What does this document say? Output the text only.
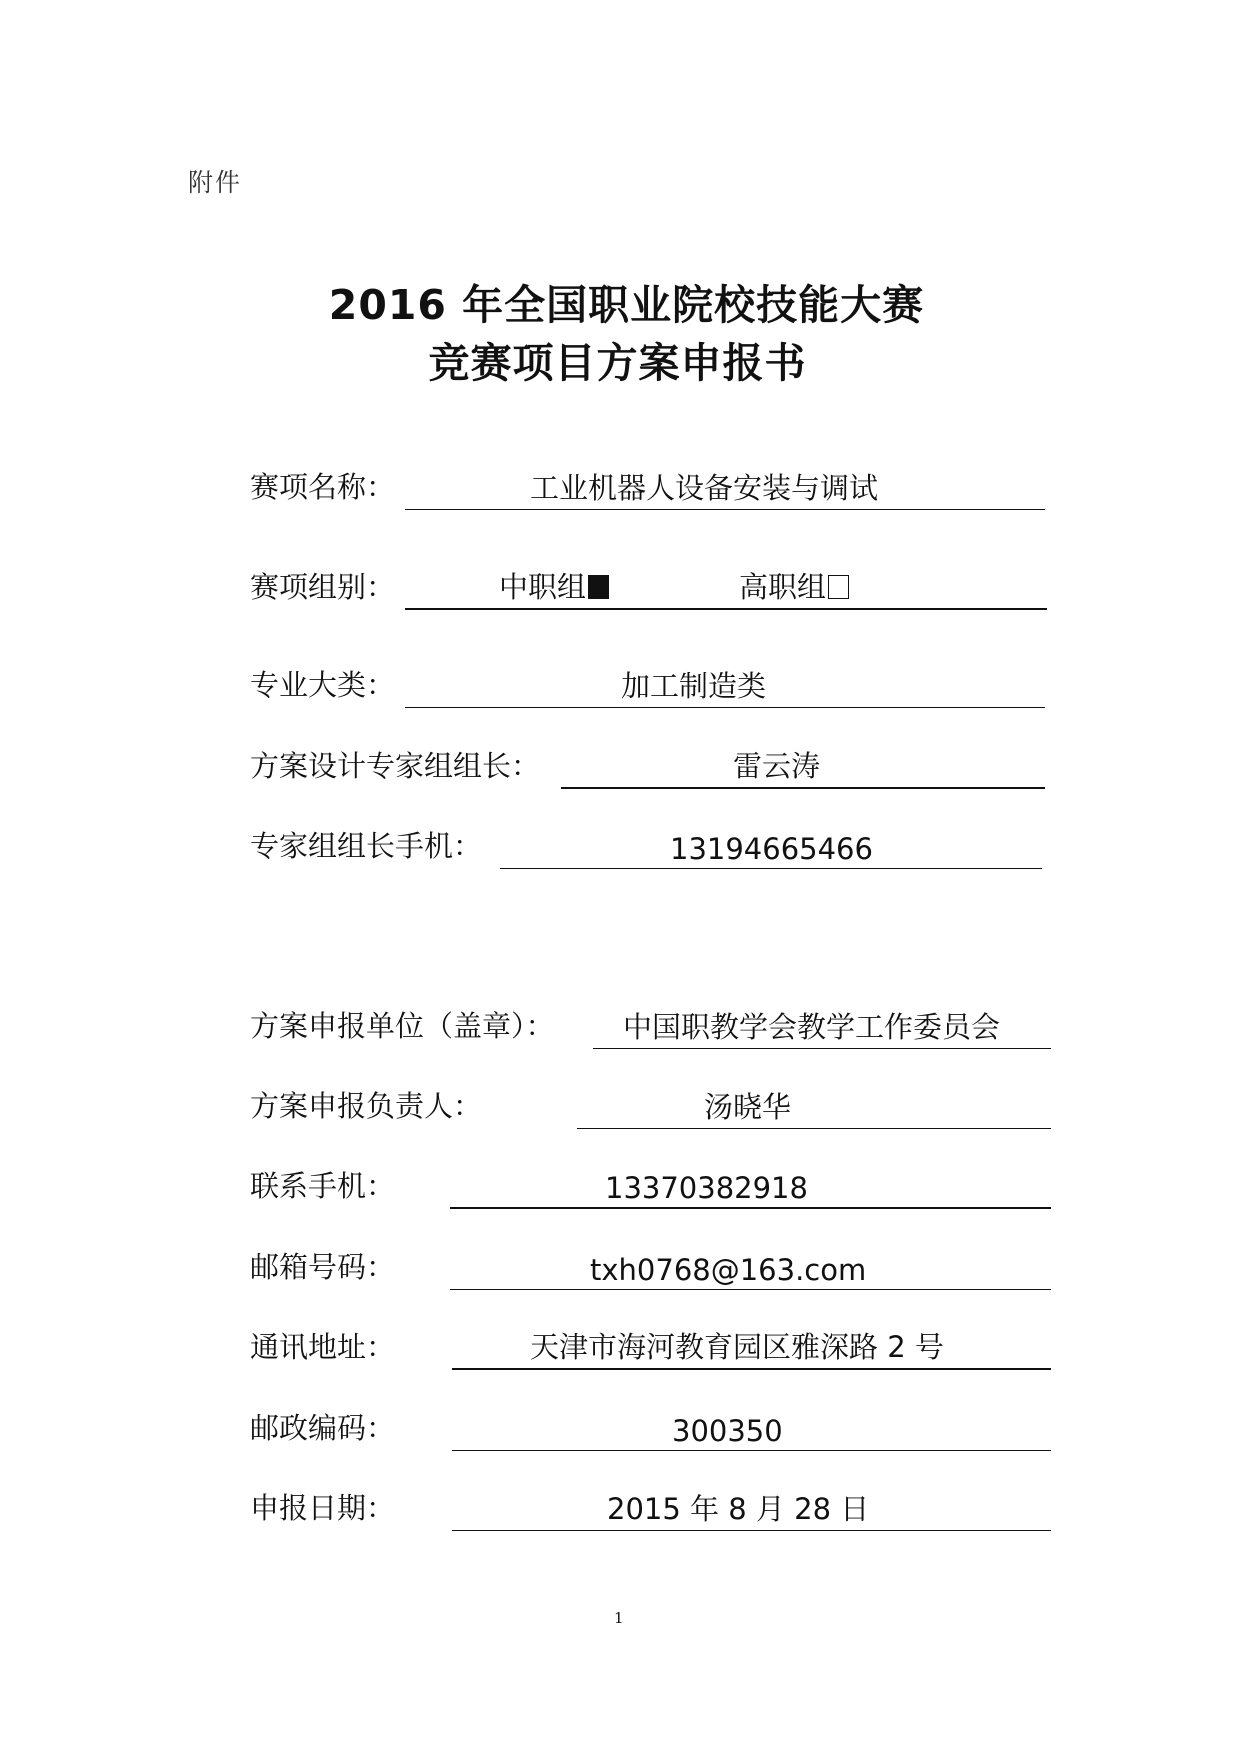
附件
2016 年全国职业院校技能大赛
竞赛项目方案申报书
赛项名称：	工业机器人设备安装与调试
赛项组别：	中职组	高职组
专业大类：	加工制造类
方案设计专家组组长：	雷云涛
专家组组长手机：	13194665466
方案申报单位（盖章）： 中国职教学会教学工作委员会
方案申报负责人：	汤晓华
联系手机：	13370382918
邮箱号码：	txh0768@163.com
通讯地址：	天津市海河教育园区雅深路 2 号
邮政编码：	300350
申报日期：	2015 年 8 月 28 日
1
